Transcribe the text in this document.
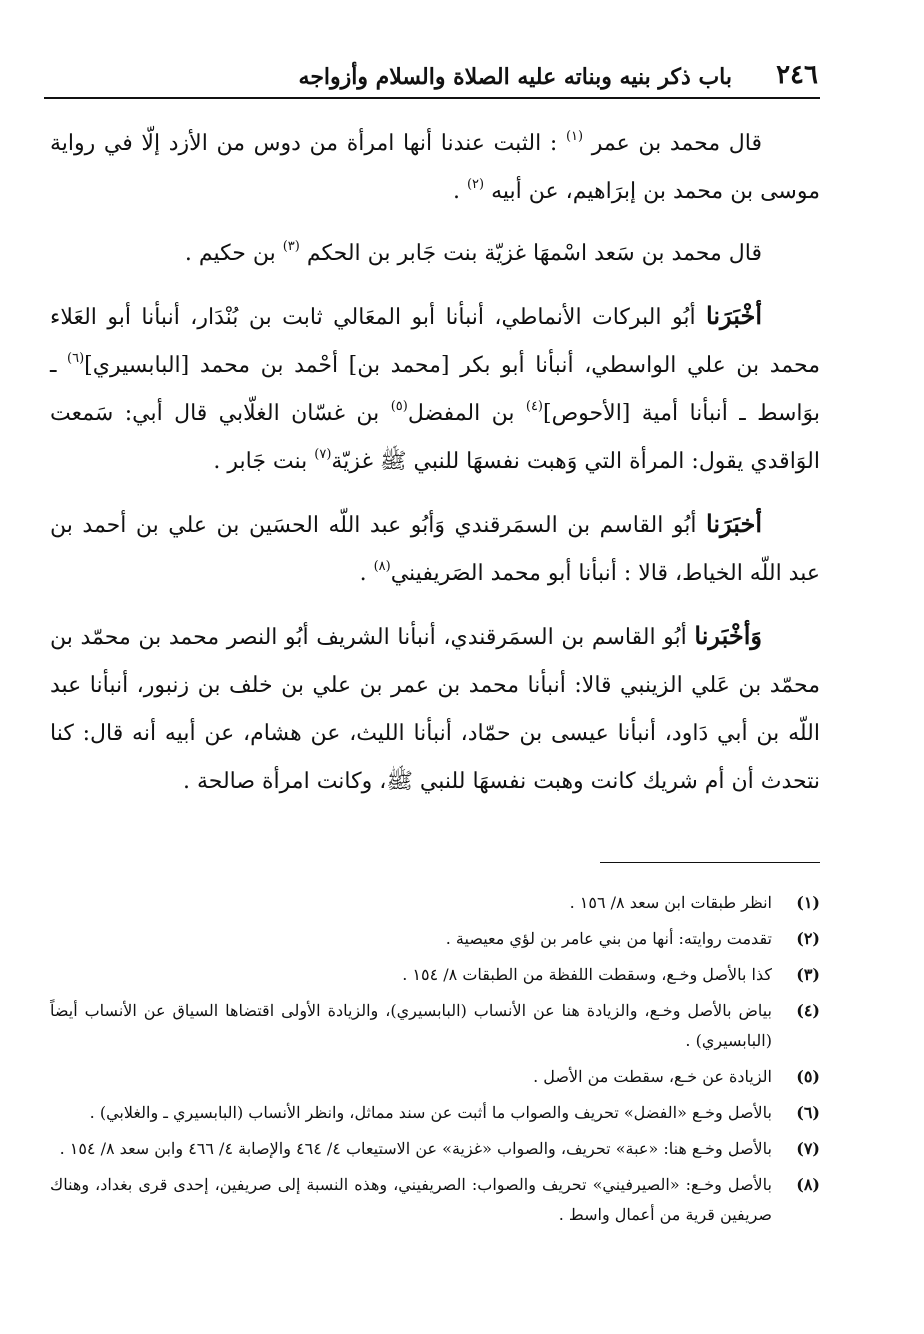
باب ذكر بنيه وبناته عليه الصلاة والسلام وأزواجه ٢٤٦

قال محمد بن عمر $^{(١)}$ : الثبت عندنا أنها امرأة من دوس من الأزد إلّا في رواية موسى بن محمد بن إبرَاهيم، عن أبيه $^{(٢)}$ .

قال محمد بن سَعد اسْمهَا غزيّة بنت جَابر بن الحكم $^{(٣)}$ بن حكيم .

أخْبَرَنا أبُو البركات الأنماطي، أنبأنا أبو المعَالي ثابت بن بُنْدَار، أنبأنا أبو العَلاء محمد بن علي الواسطي، أنبأنا أبو بكر [محمد بن] أحْمد بن محمد [البابسيري]$^{(٦)}$ ـ بوَاسط ـ أنبأنا أمية [الأحوص]$^{(٤)}$ بن المفضل$^{(٥)}$ بن غسّان الغلّابي قال أبي: سَمعت الوَاقدي يقول: المرأة التي وَهبت نفسهَا للنبي ﷺ غزيّة$^{(٧)}$ بنت جَابر .

أخبَرَنا أبُو القاسم بن السمَرقندي وَأبُو عبد اللّه الحسَين بن علي بن أحمد بن عبد اللّه الخياط، قالا : أنبأنا أبو محمد الصَريفيني$^{(٨)}$ .

وَأخْبَرنا أبُو القاسم بن السمَرقندي، أنبأنا الشريف أبُو النصر محمد بن محمّد بن محمّد بن عَلي الزينبي قالا: أنبأنا محمد بن عمر بن علي بن خلف بن زنبور، أنبأنا عبد اللّه بن أبي دَاود، أنبأنا عيسى بن حمّاد، أنبأنا الليث، عن هشام، عن أبيه أنه قال: كنا نتحدث أن أم شريك كانت وهبت نفسهَا للنبي ﷺ، وكانت امرأة صالحة .

(١)
انظر طبقات ابن سعد ٨/ ١٥٦ .
(٢)
تقدمت روايته: أنها من بني عامر بن لؤي معيصية .
(٣)
كذا بالأصل وخـع، وسقطت اللفظة من الطبقات ٨/ ١٥٤ .
(٤)
بياض بالأصل وخـع، والزيادة هنا عن الأنساب (البابسيري)، والزيادة الأولى اقتضاها السياق عن الأنساب أيضاً (البابسيري) .
(٥)
الزيادة عن خـع، سقطت من الأصل .
(٦)
بالأصل وخـع «الفضل» تحريف والصواب ما أثبت عن سند مماثل، وانظر الأنساب (البابسيري ـ والغلابي) .
(٧)
بالأصل وخـع هنا: «عبة» تحريف، والصواب «غزية» عن الاستيعاب ٤/ ٤٦٤ والإصابة ٤/ ٤٦٦ وابن سعد ٨/ ١٥٤ .
(٨)
بالأصل وخـع: «الصيرفيني» تحريف والصواب: الصريفيني، وهذه النسبة إلى صريفين، إحدى قرى بغداد، وهناك صريفين قرية من أعمال واسط .
